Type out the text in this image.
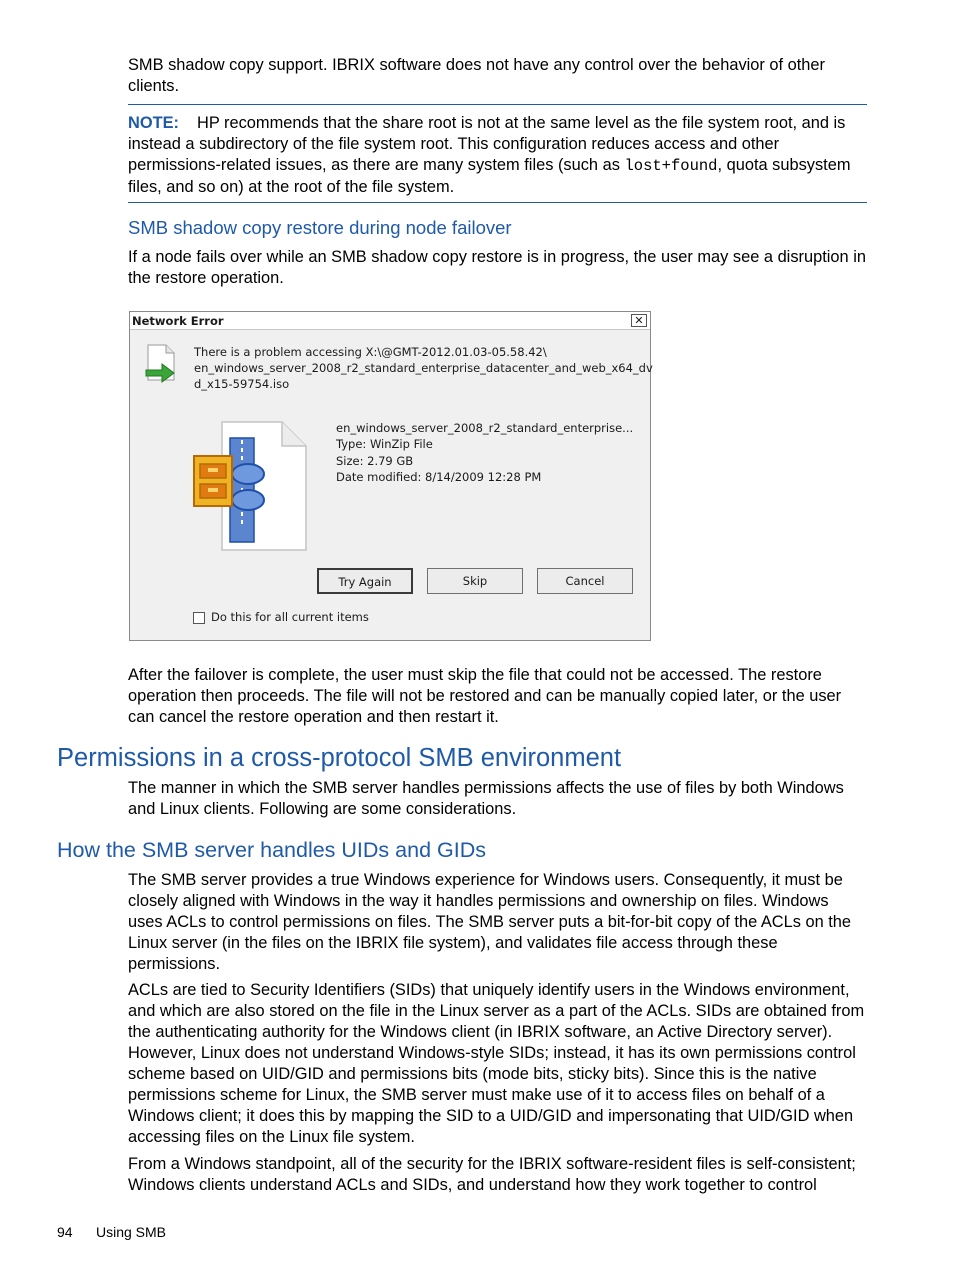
SMB shadow copy support. IBRIX software does not have any control over the behavior of other
clients.

NOTE: HP recommends that the share root is not at the same level as the file system root, and is instead a subdirectory of the file system root. This configuration reduces access and other permissions-related issues, as there are many system files (such as lost+found, quota subsystem files, and so on) at the root of the file system.

SMB shadow copy restore during node failover

If a node fails over while an SMB shadow copy restore is in progress, the user may see a disruption in the restore operation.

Network Error	✕

There is a problem accessing X:\@GMT-2012.01.03-05.58.42\
en_windows_server_2008_r2_standard_enterprise_datacenter_and_web_x64_dv
d_x15-59754.iso

en_windows_server_2008_r2_standard_enterprise...
Type: WinZip File
Size: 2.79 GB
Date modified: 8/14/2009 12:28 PM
Try Again	Skip	Cancel
Do this for all current items

After the failover is complete, the user must skip the file that could not be accessed. The restore operation then proceeds. The file will not be restored and can be manually copied later, or the user can cancel the restore operation and then restart it.

Permissions in a cross-protocol SMB environment

The manner in which the SMB server handles permissions affects the use of files by both Windows and Linux clients. Following are some considerations.

How the SMB server handles UIDs and GIDs

The SMB server provides a true Windows experience for Windows users. Consequently, it must be closely aligned with Windows in the way it handles permissions and ownership on files. Windows uses ACLs to control permissions on files. The SMB server puts a bit-for-bit copy of the ACLs on the Linux server (in the files on the IBRIX file system), and validates file access through these permissions.

ACLs are tied to Security Identifiers (SIDs) that uniquely identify users in the Windows environment, and which are also stored on the file in the Linux server as a part of the ACLs. SIDs are obtained from the authenticating authority for the Windows client (in IBRIX software, an Active Directory server). However, Linux does not understand Windows-style SIDs; instead, it has its own permissions control scheme based on UID/GID and permissions bits (mode bits, sticky bits). Since this is the native permissions scheme for Linux, the SMB server must make use of it to access files on behalf of a Windows client; it does this by mapping the SID to a UID/GID and impersonating that UID/GID when accessing files on the Linux file system.

From a Windows standpoint, all of the security for the IBRIX software-resident files is self-consistent; Windows clients understand ACLs and SIDs, and understand how they work together to control

94 Using SMB
